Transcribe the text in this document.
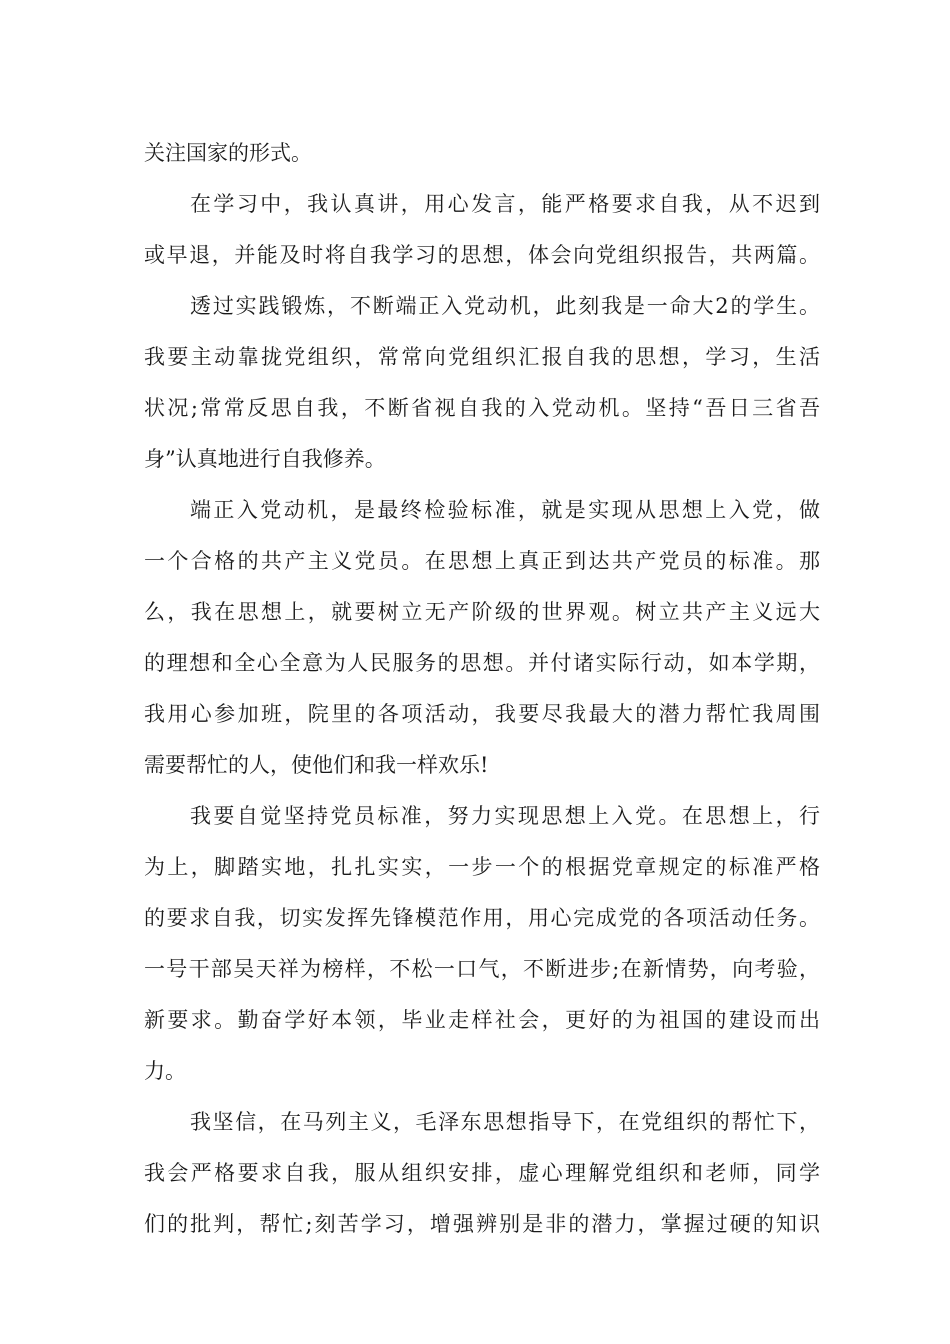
关注国家的形式。
在学习中，我认真讲，用心发言，能严格要求自我，从不迟到
或早退，并能及时将自我学习的思想，体会向党组织报告，共两篇。
透过实践锻炼，不断端正入党动机，此刻我是一命大2的学生。
我要主动靠拢党组织，常常向党组织汇报自我的思想，学习，生活
状况;常常反思自我，不断省视自我的入党动机。坚持“吾日三省吾
身”认真地进行自我修养。
端正入党动机，是最终检验标准，就是实现从思想上入党，做
一个合格的共产主义党员。在思想上真正到达共产党员的标准。那
么，我在思想上，就要树立无产阶级的世界观。树立共产主义远大
的理想和全心全意为人民服务的思想。并付诸实际行动，如本学期，
我用心参加班，院里的各项活动，我要尽我最大的潜力帮忙我周围
需要帮忙的人，使他们和我一样欢乐!
我要自觉坚持党员标准，努力实现思想上入党。在思想上，行
为上，脚踏实地，扎扎实实，一步一个的根据党章规定的标准严格
的要求自我，切实发挥先锋模范作用，用心完成党的各项活动任务。
一号干部吴天祥为榜样，不松一口气，不断进步;在新情势，向考验，
新要求。勤奋学好本领，毕业走样社会，更好的为祖国的建设而出
力。
我坚信，在马列主义，毛泽东思想指导下，在党组织的帮忙下，
我会严格要求自我，服从组织安排，虚心理解党组织和老师，同学
们的批判，帮忙;刻苦学习，增强辨别是非的潜力，掌握过硬的知识
